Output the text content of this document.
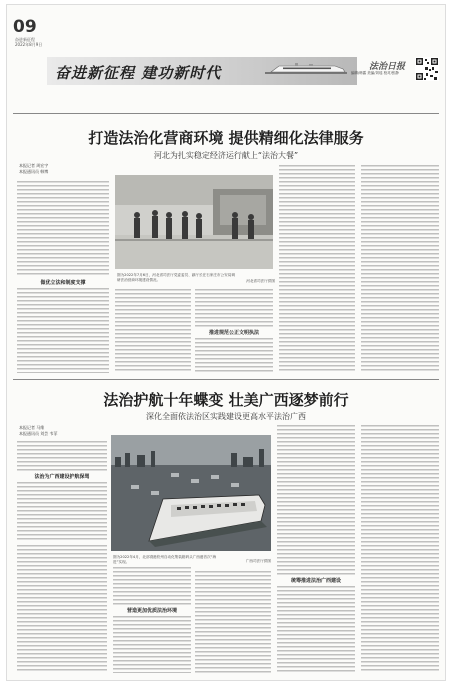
09
奋进新征程
2022年8月9日
奋进新征程 建功新时代	法治日报
编辑/韩露 美编/刘瑶 校对/张静
打造法治化营商环境 提供精细化法律服务
河北为扎实稳定经济运行献上“法治大餐”
本报记者 周宏宇
本报通讯员 韩博
做优立法和制度支撑
图为2022年7月6日，河北省司法厅党委委员、副厅长在石家庄市公安局调研法治营商环境建设情况。	河北省司法厅供图
推进规范公正文明执法
法治护航十年蝶变 壮美广西逐梦前行
深化全面依法治区实践建设更高水平法治广西
本报记者 马维
本报通讯员 刘芸 韦菲
法治为广西建设护航保驾
图为2022年4月，北部湾港钦州自动化集装箱码头广西港首次“海进”实现。	广西司法厅供图
营造更加优质法治环境
统筹推进法治广西建设
